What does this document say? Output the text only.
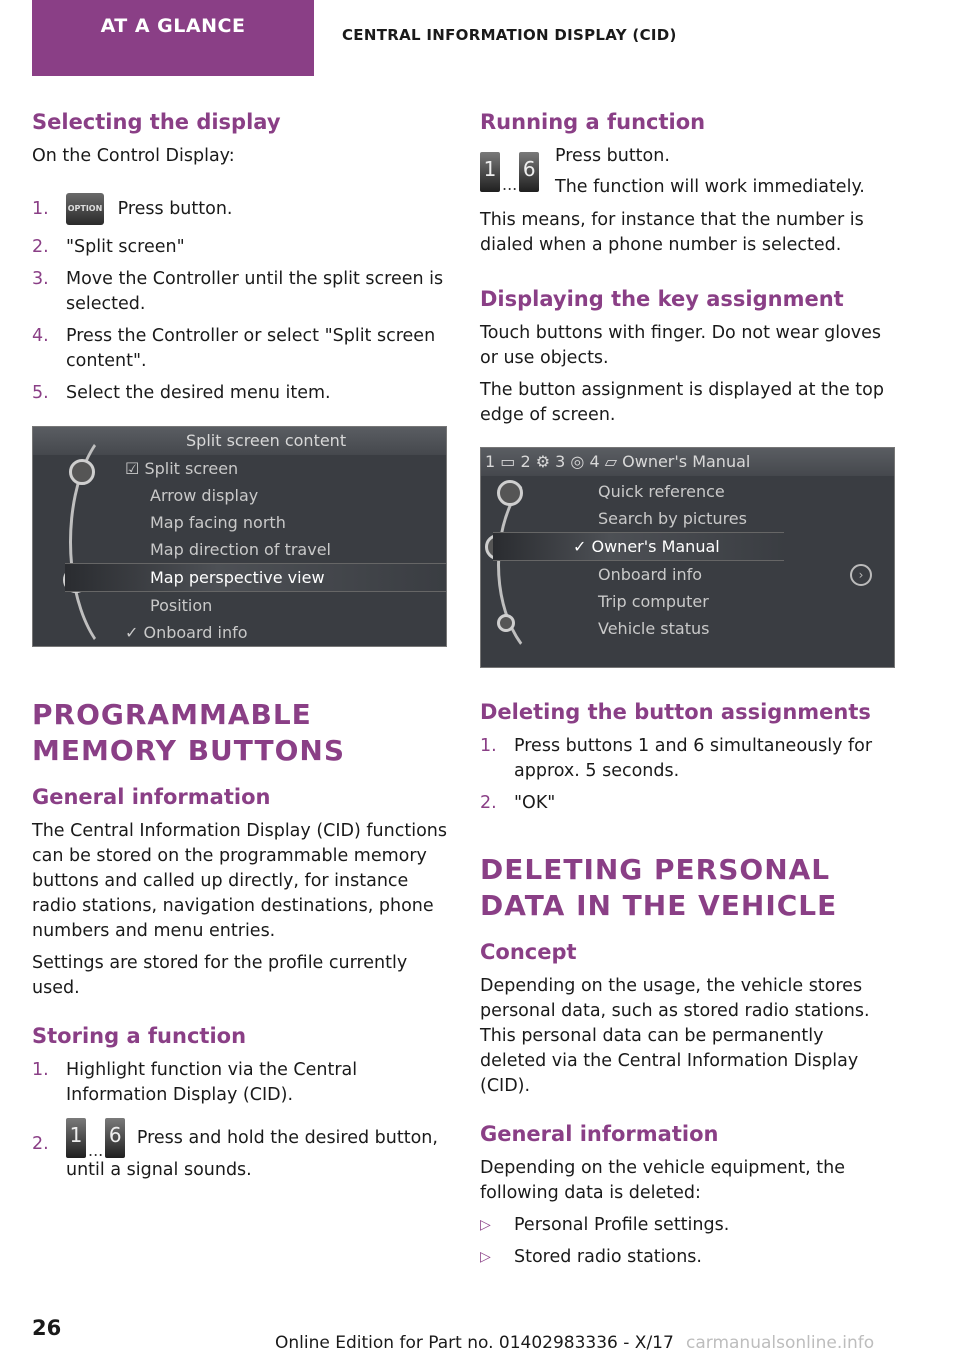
AT A GLANCE	CENTRAL INFORMATION DISPLAY (CID)
Selecting the display

On the Control Display:

1. OPTION Press button.
2. "Split screen"
3. Move the Controller until the split screen is selected.
4. Press the Controller or select "Split screen content".
5. Select the desired menu item.
Split screen content
☑ Split screen
Arrow display
Map facing north
Map direction of travel
Map perspective view
Position
✓ Onboard info
PROGRAMMABLE MEMORY BUTTONS
General information

The Central Information Display (CID) functions can be stored on the programmable memory buttons and called up directly, for instance radio stations, navigation destinations, phone numbers and menu entries.

Settings are stored for the profile currently used.

Storing a function
1. Highlight function via the Central Information Display (CID).
2. 1
...
6 Press and hold the desired button, until a signal sounds.
Running a function
1
...
6

Press button.

The function will work immediately.

This means, for instance that the number is dialed when a phone number is selected.

Displaying the key assignment

Touch buttons with finger. Do not wear gloves or use objects.

The button assignment is displayed at the top edge of screen.

1 ▭ 2 ⚙ 3 ◎ 4 ▱ Owner's Manual
›
Quick reference
Search by pictures
✓ Owner's Manual
Onboard info
Trip computer
Vehicle status
Deleting the button assignments
1. Press buttons 1 and 6 simultaneously for approx. 5 seconds.
2. "OK"
DELETING PERSONAL DATA IN THE VEHICLE
Concept

Depending on the usage, the vehicle stores personal data, such as stored radio stations. This personal data can be permanently deleted via the Central Information Display (CID).

General information

Depending on the vehicle equipment, the following data is deleted:

▷ Personal Profile settings.
▷ Stored radio stations.
26
Online Edition for Part no. 01402983336 - X/17 carmanualsonline.info
